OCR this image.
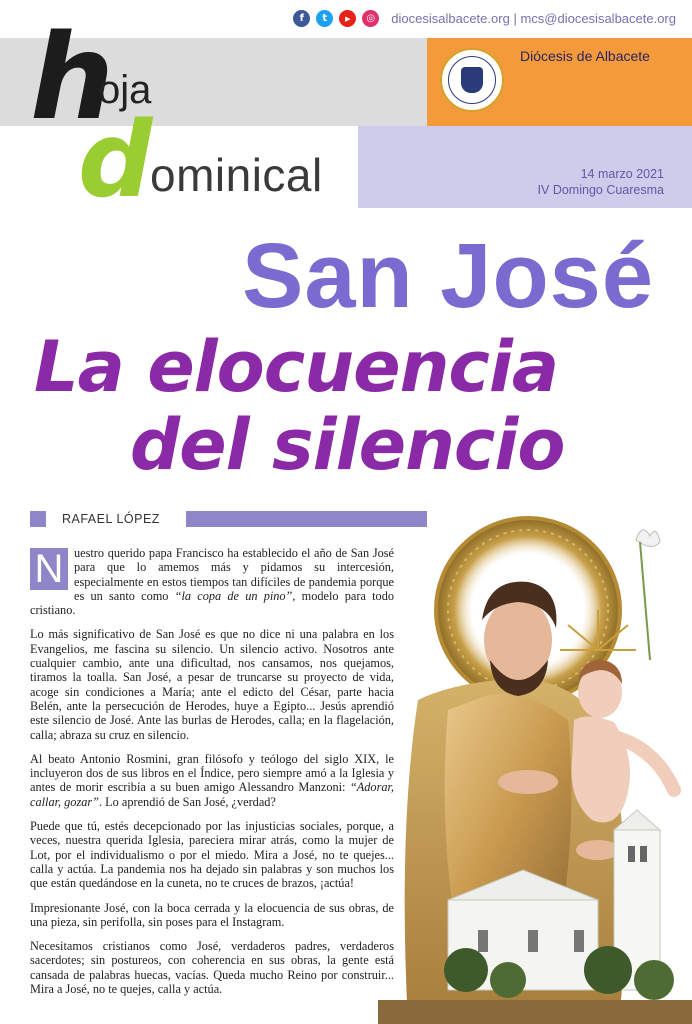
f	t	▶	◎	diocesisalbacete.org | mcs@diocesisalbacete.org
Diócesis de Albacete
14 marzo 2021
IV Domingo Cuaresma
h
oja
d
ominical
San José
La elocuencia
del silencio
RAFAEL LÓPEZ

N uestro querido papa Francisco ha establecido el año de San José para que lo amemos más y pidamos su intercesión, especialmente en estos tiempos tan difíciles de pandemia porque es un santo como “la copa de un pino”, modelo para todo cristiano.

Lo más significativo de San José es que no dice ni una palabra en los Evangelios, me fascina su silencio. Un silencio activo. Nosotros ante cualquier cambio, ante una dificultad, nos cansamos, nos quejamos, tiramos la toalla. San José, a pesar de truncarse su proyecto de vida, acoge sin condiciones a María; ante el edicto del César, parte hacia Belén, ante la persecución de Herodes, huye a Egipto... Jesús aprendió este silencio de José. Ante las burlas de Herodes, calla; en la flagelación, calla; abraza su cruz en silencio.

Al beato Antonio Rosmini, gran filósofo y teólogo del siglo XIX, le incluyeron dos de sus libros en el Índice, pero siempre amó a la Iglesia y antes de morir escribía a su buen amigo Alessandro Manzoni: “Adorar, callar, gozar”. Lo aprendió de San José, ¿verdad?

Puede que tú, estés decepcionado por las injusticias sociales, porque, a veces, nuestra querida Iglesia, pareciera mirar atrás, como la mujer de Lot, por el individualismo o por el miedo. Mira a José, no te quejes... calla y actúa. La pandemia nos ha dejado sin palabras y son muchos los que están quedándose en la cuneta, no te cruces de brazos, ¡actúa!

Impresionante José, con la boca cerrada y la elocuencia de sus obras, de una pieza, sin perifolla, sin poses para el Instagram.

Necesitamos cristianos como José, verdaderos padres, verdaderos sacerdotes; sin postureos, con coherencia en sus obras, la gente está cansada de palabras huecas, vacías. Queda mucho Reino por construir... Mira a José, no te quejes, calla y actúa.
